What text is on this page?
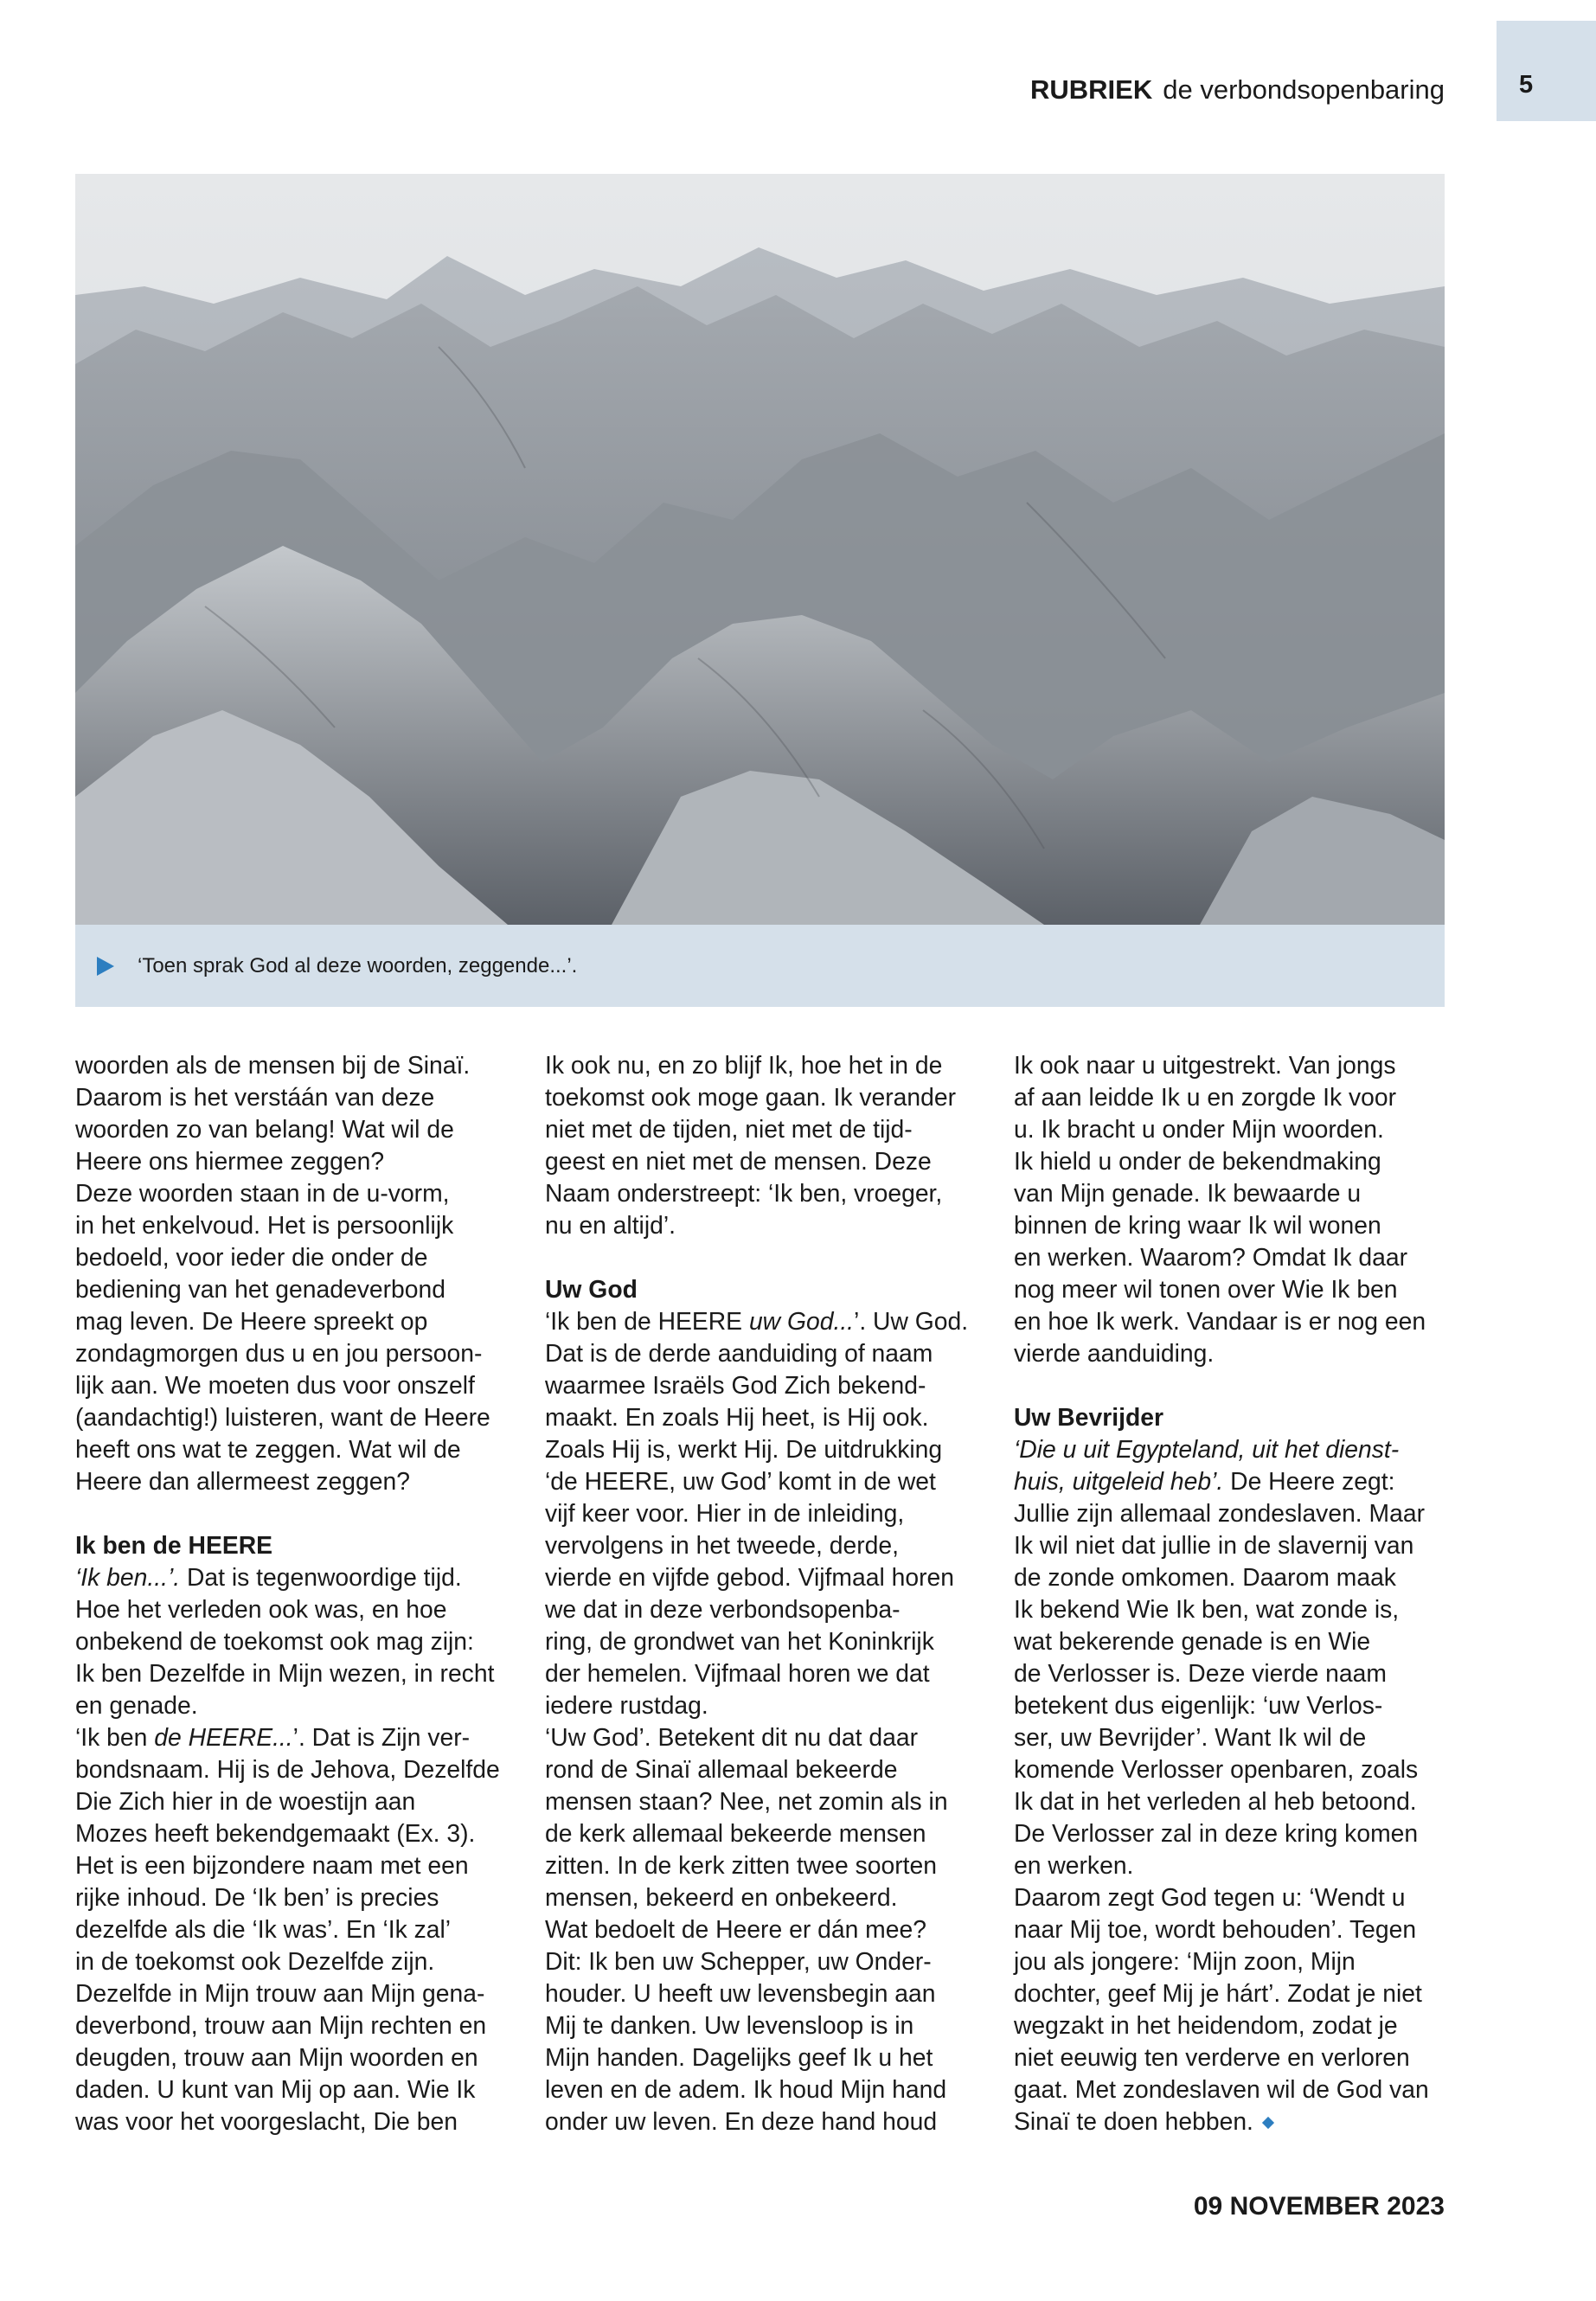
5
RUBRIEK de verbondsopenbaring
‘Toen sprak God al deze woorden, zeggende...’.
woorden als de mensen bij de Sinaï.
Daarom is het verstáán van deze
woorden zo van belang! Wat wil de
Heere ons hiermee zeggen?
Deze woorden staan in de u-vorm,
in het enkelvoud. Het is persoonlijk
bedoeld, voor ieder die onder de
bediening van het genadeverbond
mag leven. De Heere spreekt op
zondagmorgen dus u en jou persoon-
lijk aan. We moeten dus voor onszelf
(aandachtig!) luisteren, want de Heere
heeft ons wat te zeggen. Wat wil de
Heere dan allermeest zeggen?
Ik ben de HEERE
‘Ik ben...’. Dat is tegenwoordige tijd.
Hoe het verleden ook was, en hoe
onbekend de toekomst ook mag zijn:
Ik ben Dezelfde in Mijn wezen, in recht
en genade.
‘Ik ben de HEERE...’. Dat is Zijn ver-
bondsnaam. Hij is de Jehova, Dezelfde
Die Zich hier in de woestijn aan
Mozes heeft bekendgemaakt (Ex. 3).
Het is een bijzondere naam met een
rijke inhoud. De ‘Ik ben’ is precies
dezelfde als die ‘Ik was’. En ‘Ik zal’
in de toekomst ook Dezelfde zijn.
Dezelfde in Mijn trouw aan Mijn gena-
deverbond, trouw aan Mijn rechten en
deugden, trouw aan Mijn woorden en
daden. U kunt van Mij op aan. Wie Ik
was voor het voorgeslacht, Die ben
Ik ook nu, en zo blijf Ik, hoe het in de
toekomst ook moge gaan. Ik verander
niet met de tijden, niet met de tijd-
geest en niet met de mensen. Deze
Naam onderstreept: ‘Ik ben, vroeger,
nu en altijd’.
Uw God
‘Ik ben de HEERE uw God...’. Uw God.
Dat is de derde aanduiding of naam
waarmee Israëls God Zich bekend-
maakt. En zoals Hij heet, is Hij ook.
Zoals Hij is, werkt Hij. De uitdrukking
‘de HEERE, uw God’ komt in de wet
vijf keer voor. Hier in de inleiding,
vervolgens in het tweede, derde,
vierde en vijfde gebod. Vijfmaal horen
we dat in deze verbondsopenba-
ring, de grondwet van het Koninkrijk
der hemelen. Vijfmaal horen we dat
iedere rustdag.
‘Uw God’. Betekent dit nu dat daar
rond de Sinaï allemaal bekeerde
mensen staan? Nee, net zomin als in
de kerk allemaal bekeerde mensen
zitten. In de kerk zitten twee soorten
mensen, bekeerd en onbekeerd.
Wat bedoelt de Heere er dán mee?
Dit: Ik ben uw Schepper, uw Onder-
houder. U heeft uw levensbegin aan
Mij te danken. Uw levensloop is in
Mijn handen. Dagelijks geef Ik u het
leven en de adem. Ik houd Mijn hand
onder uw leven. En deze hand houd
Ik ook naar u uitgestrekt. Van jongs
af aan leidde Ik u en zorgde Ik voor
u. Ik bracht u onder Mijn woorden.
Ik hield u onder de bekendmaking
van Mijn genade. Ik bewaarde u
binnen de kring waar Ik wil wonen
en werken. Waarom? Omdat Ik daar
nog meer wil tonen over Wie Ik ben
en hoe Ik werk. Vandaar is er nog een
vierde aanduiding.
Uw Bevrijder
‘Die u uit Egypteland, uit het dienst-
huis, uitgeleid heb’. De Heere zegt:
Jullie zijn allemaal zondeslaven. Maar
Ik wil niet dat jullie in de slavernij van
de zonde omkomen. Daarom maak
Ik bekend Wie Ik ben, wat zonde is,
wat bekerende genade is en Wie
de Verlosser is. Deze vierde naam
betekent dus eigenlijk: ‘uw Verlos-
ser, uw Bevrijder’. Want Ik wil de
komende Verlosser openbaren, zoals
Ik dat in het verleden al heb betoond.
De Verlosser zal in deze kring komen
en werken.
Daarom zegt God tegen u: ‘Wendt u
naar Mij toe, wordt behouden’. Tegen
jou als jongere: ‘Mijn zoon, Mijn
dochter, geef Mij je hárt’. Zodat je niet
wegzakt in het heidendom, zodat je
niet eeuwig ten verderve en verloren
gaat. Met zondeslaven wil de God van
Sinaï te doen hebben.
09 NOVEMBER 2023
